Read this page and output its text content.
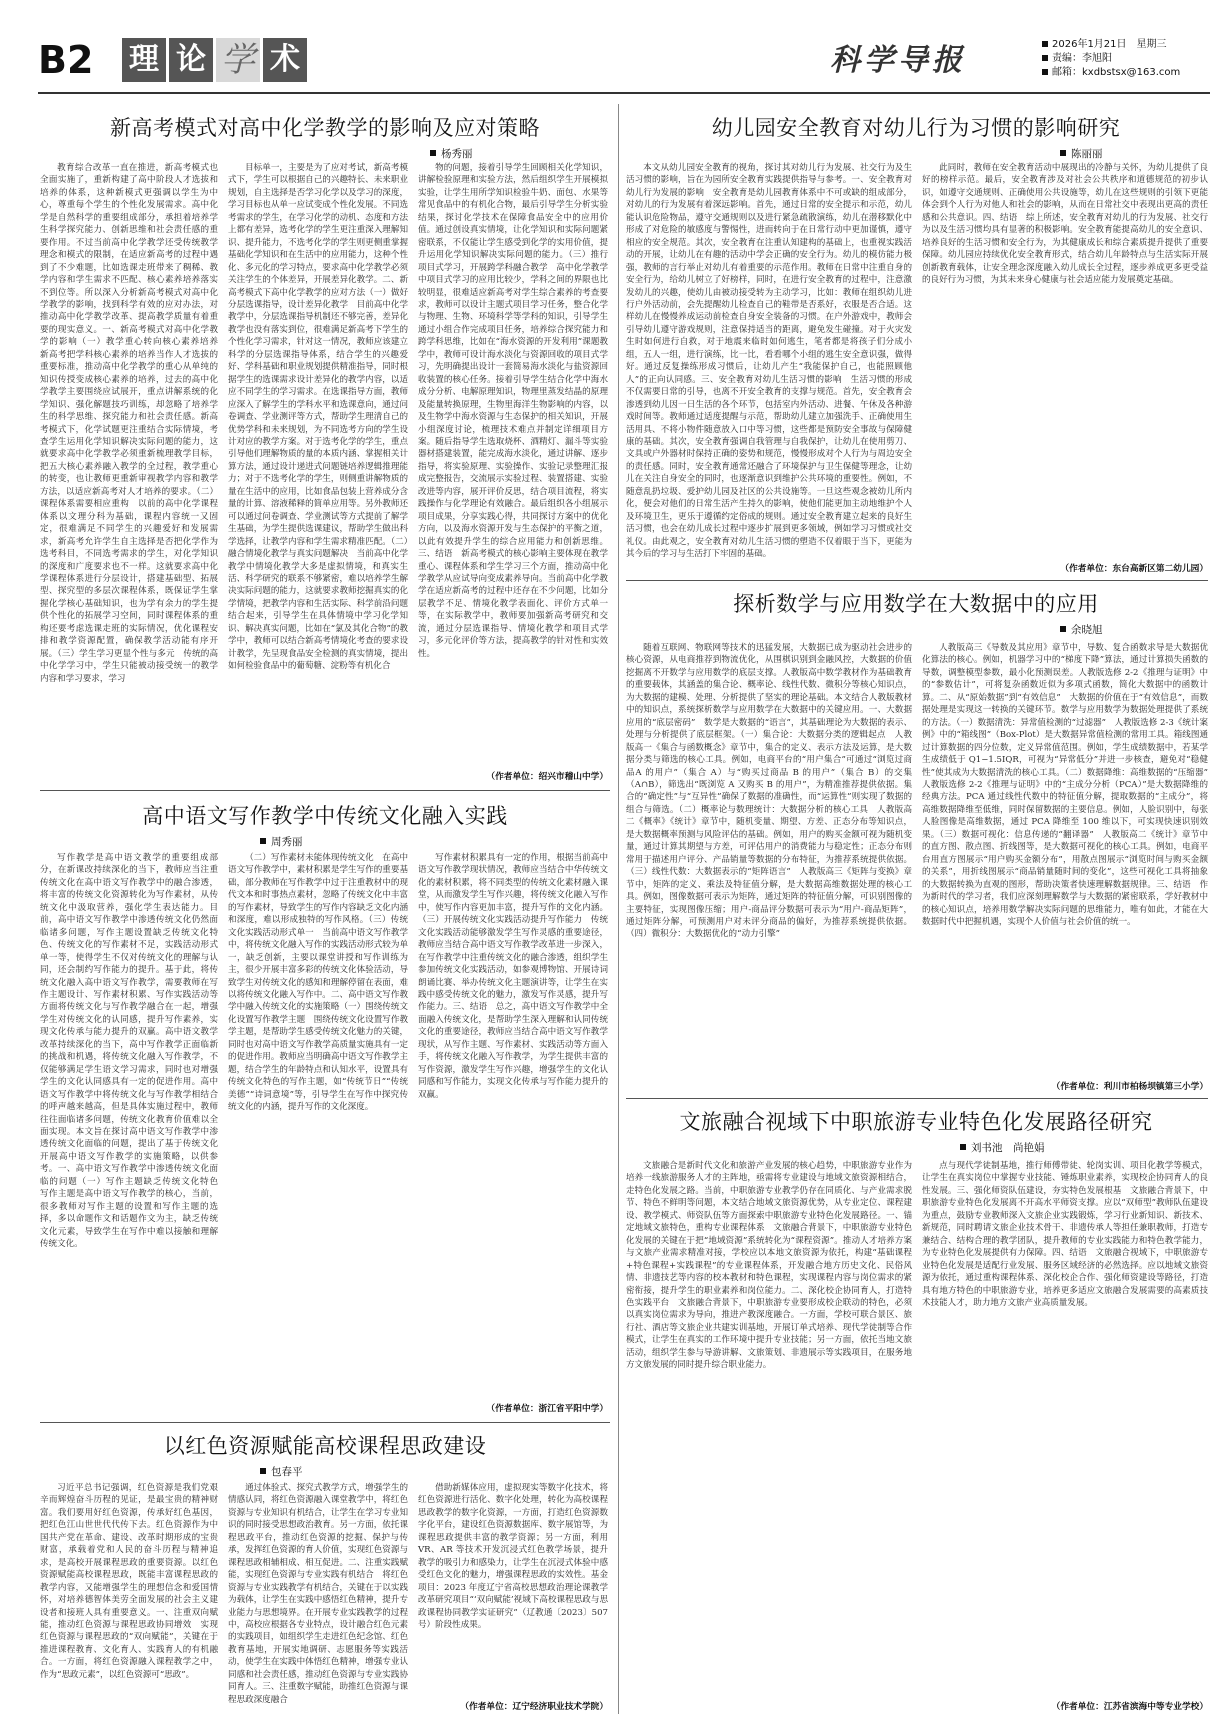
B2	理 论 学 术	科学导报	2026年1月21日　星期三
责编：李旭阳
邮箱：kxdbstsx@163.com
新高考模式对高中化学教学的影响及应对策略
杨秀丽
教育综合改革一直在推进，新高考模式也全面实施了，重新构建了高中阶段人才选拔和培养的体系，这种新模式更强调以学生为中心，尊重每个学生的个性化发展需求。高中化学是自然科学的重要组成部分，承担着培养学生科学探究能力、创新思维和社会责任感的重要作用。不过当前高中化学教学还受传统教学理念和模式的限制，在适应新高考的过程中遇到了不少难题，比如选课走班带来了稠稀、教学内容和学生需求不匹配、核心素养培养落实不到位等。所以深入分析新高考模式对高中化学教学的影响，找到科学有效的应对办法，对推动高中化学教学改革、提高教学质量有着重要的现实意义。一、新高考模式对高中化学教学的影响（一）教学重心转向核心素养培养　新高考把学科核心素养的培养当作人才选拔的重要标准，推动高中化学教学的重心从单纯的知识传授变成核心素养的培养，过去的高中化学教学主要围绕应试展开，重点讲解系统的化学知识、强化解题技巧训练，却忽略了培养学生的科学思维、探究能力和社会责任感。新高考模式下，化学试题更注重结合实际情境，考查学生运用化学知识解决实际问题的能力，这就要求高中化学教学必须重新梳理教学目标，把五大核心素养融入教学的全过程，教学重心的转变，也让教师更重新审视教学内容和教学方法，以适应新高考对人才培养的要求。（二）课程体系需要相应重构　以前的高中化学课程体系以文理分科为基础，课程内容统一又固定，很难满足不同学生的兴趣爱好和发展需求，新高考允许学生自主选择是否把化学作为选考科目，不同选考需求的学生，对化学知识的深度和广度要求也不一样。这就要求高中化学课程体系进行分层设计，搭建基础型、拓展型、探究型的多层次课程体系，既保证学生掌握化学核心基础知识，也为学有余力的学生提供个性化的拓展学习空间，同时课程体系的重构还要考虑选课走班的实际情况，优化课程安排和教学资源配置，确保教学活动能有序开展。（三）学生学习更显个性与多元　传统的高中化学学习中，学生只能被动接受统一的教学内容和学习要求，学习
目标单一，主要是为了应对考试，新高考模式下，学生可以根据自己的兴趣特长、未来职业规划，自主选择是否学习化学以及学习的深度，学习目标也从单一应试变成个性化发展。不同选考需求的学生，在学习化学的动机、态度和方法上都有差异，选考化学的学生更注重深入理解知识、提升能力，不选考化学的学生则更侧重掌握基础化学知识和在生活中的应用能力，这种个性化、多元化的学习特点，要求高中化学教学必须关注学生的个体差异，开展差异化教学。二、新高考模式下高中化学教学的应对方法（一）做好分层选课指导，设计差异化教学　目前高中化学教学中，分层选课指导机制还不够完善，差异化教学也没有落实到位，很难满足新高考下学生的个性化学习需求，针对这一情况，教师应该建立科学的分层选课指导体系，结合学生的兴趣爱好、学科基础和职业规划提供精准指导，同时根据学生的选课需求设计差异化的教学内容，以适应不同学生的学习需求。在选课指导方面，教师应深入了解学生的学科水平和选课意向，通过问卷调查、学业测评等方式，帮助学生理清自己的优势学科和未来规划，为不同选考方向的学生设计对应的教学方案。对于选考化学的学生，重点引导他们理解物质的量的本质内涵、掌握相关计算方法，通过设计递进式问题链培养逻辑推理能力；对于不选考化学的学生，则侧重讲解物质的量在生活中的应用，比如食品包装上营养成分含量的计算、溶液稀释的简单应用等。另外教师还可以通过问卷调查、学业测试等方式提前了解学生基础，为学生提供选课建议，帮助学生做出科学选择，让教学内容和学生需求精准匹配。（二）融合情境化教学与真实问题解决　当前高中化学教学中情境化教学大多是虚拟情境，和真实生活、科学研究的联系不够紧密，难以培养学生解决实际问题的能力，这就要求教师挖掘真实的化学情境，把教学内容和生活实际、科学前沿问题结合起来，引导学生在具体情境中学习化学知识、解决真实问题，比如在“氯及其化合物”的教学中，教师可以结合新高考情境化考查的要求设计教学，先呈现食品安全检测的真实情境，提出如何检验食品中的葡萄糖、淀粉等有机化合
物的问题，接着引导学生回顾相关化学知识，讲解检验原理和实验方法，然后组织学生开展模拟实验，让学生用所学知识检验牛奶、面包、水果等常见食品中的有机化合物，最后引导学生分析实验结果，探讨化学技术在保障食品安全中的应用价值。通过创设真实情境，让化学知识和实际问题紧密联系，不仅能让学生感受到化学的实用价值，提升运用化学知识解决实际问题的能力。（三）推行项目式学习，开展跨学科融合教学　高中化学教学中项目式学习的应用比较少，学科之间的界限也比较明显，很难适应新高考对学生综合素养的考查要求，教师可以设计主题式项目学习任务，整合化学与物理、生物、环境科学等学科的知识，引导学生通过小组合作完成项目任务，培养综合探究能力和跨学科思维，比如在“海水资源的开发利用”课题教学中，教师可设计海水淡化与资源回收的项目式学习，先明确提出设计一套简易海水淡化与盐资源回收装置的核心任务。接着引导学生结合化学中海水成分分析、电解原理知识，物理里蒸发结晶的原理及能量转换原理，生物里海洋生物影响的内容，以及生物学中海水资源与生态保护的相关知识，开展小组深度讨论，梳理技术难点并制定详细项目方案。随后指导学生选取烧杯、酒精灯、漏斗等实验器材搭建装置，能完成海水淡化，通过讲解、逐步指导，将实验原理、实验操作、实验记录整理汇报成完整报告，交流展示实验过程、装置搭建、实验改进等内容，展开评价反思，结合项目流程，将实践操作与化学理论有效融合。最后组织各小组展示项目成果，分享实践心得，共同探讨方案中的优化方向，以及海水资源开发与生态保护的平衡之道，以此有效提升学生的综合应用能力和创新思维。三、结语　新高考模式的核心影响主要体现在教学重心、课程体系和学生学习三个方面，推动高中化学教学从应试导向变成素养导向。当前高中化学教学在适应新高考的过程中还存在不少问题，比如分层教学不足、情境化教学表面化、评价方式单一等，在实际教学中，教师要加强新高考研究和交流，通过分层选课指导、情境化教学和项目式学习，多元化评价等方法，提高教学的针对性和实效性。
（作者单位：绍兴市稽山中学）
幼儿园安全教育对幼儿行为习惯的影响研究
陈丽丽
本文从幼儿园安全教育的视角，探讨其对幼儿行为发展、社交行为及生活习惯的影响，旨在为园所安全教育实践提供指导与参考。一、安全教育对幼儿行为发展的影响　安全教育是幼儿园教育体系中不可或缺的组成部分，对幼儿的行为发展有着深远影响。首先，通过日常的安全提示和示范，幼儿能认识危险物品，遵守交通规则以及进行紧急疏散演练，幼儿在潜移默化中形成了对危险的敏感度与警惕性，进而转向于在日常行动中更加谨慎，遵守相应的安全规范。其次，安全教育在注重认知建构的基础上，也重视实践活动的开展，让幼儿在有趣的活动中学会正确的安全行为。幼儿的模仿能力极强，教师的言行举止对幼儿有着重要的示范作用。教师在日常中注重自身的安全行为，给幼儿树立了好榜样，同时，在进行安全教育的过程中，注意激发幼儿的兴趣，使幼儿由被动接受转为主动学习，比如：教师在组织幼儿进行户外活动前，会先提醒幼儿检查自己的鞋带是否系好，衣服是否合适。这样幼儿在慢慢养成运动前检查自身安全装备的习惯。在户外游戏中，教师会引导幼儿遵守游戏规则，注意保持适当的距离，避免发生碰撞。对于火灾发生时如何进行自救，对于地震来临时如何逃生，笔者都是将孩子们分成小组，五人一组，进行演练，比一比，看看哪个小组的逃生安全意识强，做得好。通过反复操练形成习惯后，让幼儿产生“我能保护自己，也能照顾他人”的正向认同感。三、安全教育对幼儿生活习惯的影响　生活习惯的形成不仅需要日常的引导，也离不开安全教育的支撑与规范。首先，安全教育会渗透到幼儿因一日生活的各个环节，包括室内外活动、进餐、午休及各种游戏时间等。教师通过适度提醒与示范，帮助幼儿建立加强洗手、正确使用生活用具、不将小物件随意放入口中等习惯，这些都是预防安全事故与保障健康的基础。其次，安全教育强调自我管理与自我保护，让幼儿在使用剪刀、文具或户外器材时保持正确的姿势和规范，慢慢形成对个人行为与周边安全的责任感。同时，安全教育通常还融合了环境保护与卫生保健等理念，让幼儿在关注自身安全的同时，也逐渐意识到维护公共环境的重要性。例如，不随意乱扔垃圾、爱护幼儿园及社区的公共设施等。一旦这些观念被幼儿所内化，便会对他们的日常生活产生持久的影响，使他们能更加主动地维护个人及环境卫生，更乐于遵循约定俗成的规则。通过安全教育建立起来的良好生活习惯，也会在幼儿成长过程中逐步扩展到更多领域，例如学习习惯或社交礼仪。由此观之，安全教育对幼儿生活习惯的塑造不仅着眼于当下，更能为其今后的学习与生活打下牢固的基础。
此同时，教师在安全教育活动中展现出的冷静与关怀，为幼儿提供了良好的榜样示范。最后，安全教育涉及对社会公共秩序和道德规范的初步认识，如遵守交通规则、正确使用公共设施等，幼儿在这些规则的引领下更能体会到个人行为对他人和社会的影响，从而在日常社交中表现出更高的责任感和公共意识。四、结语　综上所述，安全教育对幼儿的行为发展、社交行为以及生活习惯均具有显著的积极影响。安全教育能提高幼儿的安全意识、培养良好的生活习惯和安全行为，为其健康成长和综合素质提升提供了重要保障。幼儿园应持续优化安全教育形式，结合幼儿年龄特点与生活实际开展创新教育载体，让安全理念深度融入幼儿成长全过程，逐步养成更多更受益的良好行为习惯，为其未来身心健康与社会适应能力发展奠定基础。
（作者单位：东台高新区第二幼儿园）
探析数学与应用数学在大数据中的应用
余晓旭
随着互联网、物联网等技术的迅猛发展，大数据已成为驱动社会进步的核心资源，从电商推荐到物流优化，从围棋识别到金融风控，大数据的价值挖掘离不开数学与应用数学的底层支撑。人教版高中数学教材作为基础教育的重要载体，其涵盖的集合论、概率论、线性代数、微积分等核心知识点，为大数据的建模、处理、分析提供了坚实的理论基础。本文结合人教版教材中的知识点，系统探析数学与应用数学在大数据中的关键应用。一、大数据应用的“底层密码”　数学是大数据的“语言”，其基础理论为大数据的表示、处理与分析提供了底层框架。（一）集合论：大数据分类的逻辑起点　人教版高一《集合与函数概念》章节中，集合的定义、表示方法及运算，是大数据分类与筛选的核心工具。例如，电商平台的“用户集合”可通过“浏览过商品A 的用户”（集合 A）与“购买过商品 B 的用户”（集合 B）的交集（A∩B），筛选出“既浏览 A 又购买 B 的用户”，为精准推荐提供依据。集合的“确定性”与“互异性”确保了数据的准确性，而“运算性”则实现了数据的组合与筛选。（二）概率论与数理统计：大数据分析的核心工具　人教版高二《概率》《统计》章节中，随机变量、期望、方差、正态分布等知识点，是大数据概率预测与风险评估的基础。例如，用户的购买金额可视为随机变量，通过计算其期望与方差，可评估用户的消费能力与稳定性；正态分布则常用于描述用户评分、产品销量等数据的分布特征，为推荐系统提供依据。（三）线性代数：大数据表示的“矩阵语言”　人教版高三《矩阵与变换》章节中，矩阵的定义、乘法及特征值分解，是大数据高维数据处理的核心工具。例如，图像数据可表示为矩阵，通过矩阵的特征值分解，可识别图像的主要特征，实现图像压缩；用户-商品评分数据可表示为“用户-商品矩阵”，通过矩阵分解，可预测用户对未评分商品的偏好，为推荐系统提供依据。（四）微积分：大数据优化的“动力引擎”
人教版高三《导数及其应用》章节中，导数、复合函数求导是大数据优化算法的核心。例如，机器学习中的“梯度下降”算法，通过计算损失函数的导数，调整模型参数，最小化预测误差。人教版选修 2-2《推理与证明》中的“参数估计”，可将复杂函数近似为多项式函数，简化大数据中的函数计算。二、从“原始数据”到“有效信息”　大数据的价值在于“有效信息”，而数据处理是实现这一转换的关键环节。数学与应用数学为数据处理提供了系统的方法。（一）数据清洗：异常值检测的“过滤器”　人教版选修 2-3《统计案例》中的“箱线图”（Box-Plot）是大数据异常值检测的常用工具。箱线图通过计算数据的四分位数，定义异常值范围。例如，学生成绩数据中，若某学生成绩低于 Q1−1.5IQR，可视为“异常低分”并进一步核查，避免对“稳健性”使其成为大数据清洗的核心工具。（二）数据降维：高维数据的“压缩器”　人教版选修 2-2《推理与证明》中的“主成分分析（PCA）”是大数据降维的经典方法。PCA 通过线性代数中的特征值分解，提取数据的“主成分”，将高维数据降维至低维，同时保留数据的主要信息。例如，人脸识别中，每张人脸图像是高维数据，通过 PCA 降维至 100 维以下，可实现快速识别效果。（三）数据可视化：信息传递的“翻译器”　人教版高二《统计》章节中的直方图、散点图、折线图等，是大数据可视化的核心工具。例如，电商平台用直方图展示“用户购买金额分布”，用散点图展示“浏览时间与购买金额的关系”，用折线图展示“商品销量随时间的变化”，这些可视化工具将抽象的大数据转换为直观的图形，帮助决策者快速理解数据规律。三、结语　作为新时代的学习者，我们应深刻理解数学与大数据的紧密联系，学好教材中的核心知识点，培养用数学解决实际问题的思维能力，唯有如此，才能在大数据时代中把握机遇，实现个人价值与社会价值的统一。
（作者单位：利川市柏杨坝镇第三小学）
高中语文写作教学中传统文化融入实践
周秀丽
写作教学是高中语文教学的重要组成部分，在新课改持续深化的当下，教师应当注重传统文化在高中语文写作教学中的融合渗透，将丰富的传统文化资源转化为写作素材，从传统文化中汲取营养，强化学生表达能力。目前，高中语文写作教学中渗透传统文化仍然面临诸多问题，写作主题设置缺乏传统文化特色、传统文化的写作素材不足，实践活动形式单一等，使得学生不仅对传统文化的理解与认同，还会制约写作能力的提升。基于此，将传统文化融入高中语文写作教学，需要教师在写作主题设计、写作素材积累、写作实践活动等方面将传统文化与写作教学融合在一起，增强学生对传统文化的认同感，提升写作素养，实现文化传承与能力提升的双赢。高中语文教学改革持续深化的当下，高中写作教学正面临新的挑战和机遇，将传统文化融入写作教学，不仅能够满足学生语文学习需求，同时也对增强学生的文化认同感具有一定的促进作用。高中语文写作教学中将传统文化与写作教学相结合的呼声越来越高，但是具体实施过程中，教师往往面临诸多问题，传统文化教育价值难以全面实现。本文旨在探讨高中语文写作教学中渗透传统文化面临的问题，提出了基于传统文化开展高中语文写作教学的实施策略，以供参考。一、高中语文写作教学中渗透传统文化面临的问题（一）写作主题缺乏传统文化特色　写作主题是高中语文写作教学的核心，当前，很多教师对写作主题的设置和写作主题的选择，多以命题作文和话题作文为主，缺乏传统文化元素，导致学生在写作中难以接触和理解传统文化。
（二）写作素材未能体现传统文化　在高中语文写作教学中，素材积累是学生写作的重要基础，部分教师在写作教学中过于注重教材中的现代文本和时事热点素材，忽略了传统文化中丰富的写作素材，导致学生的写作内容缺乏文化内涵和深度，难以形成独特的写作风格。（三）传统文化实践活动形式单一　当前高中语文写作教学中，将传统文化融入写作的实践活动形式较为单一，缺乏创新，主要以课堂讲授和写作训练为主，很少开展丰富多彩的传统文化体验活动，导致学生对传统文化的感知和理解停留在表面，难以将传统文化融入写作中。二、高中语文写作教学中融入传统文化的实施策略（一）围绕传统文化设置写作教学主题　围绕传统文化设置写作教学主题，是帮助学生感受传统文化魅力的关键，同时也对高中语文写作教学高质量实施具有一定的促进作用。教师应当明确高中语文写作教学主题，结合学生的年龄特点和认知水平，设置具有传统文化特色的写作主题，如“传统节日”“传统美德”“诗词意境”等，引导学生在写作中探究传统文化的内涵，提升写作的文化深度。
写作素材积累具有一定的作用，根据当前高中语文写作教学现状情况，教师应当结合中华传统文化的素材积累，将不同类型的传统文化素材融入课堂，从而激发学生写作兴趣，将传统文化融入写作中，使写作内容更加丰富，提升写作的文化内涵。（三）开展传统文化实践活动提升写作能力　传统文化实践活动能够激发学生写作灵感的重要途径，教师应当结合高中语文写作教学改革进一步深入，在写作教学中注重传统文化的融合渗透，组织学生参加传统文化实践活动，如参观博物馆、开展诗词朗诵比赛、举办传统文化主题演讲等，让学生在实践中感受传统文化的魅力，激发写作灵感，提升写作能力。三、结语　总之，高中语文写作教学中全面融入传统文化，是帮助学生深入理解和认同传统文化的重要途径，教师应当结合高中语文写作教学现状，从写作主题、写作素材、实践活动等方面入手，将传统文化融入写作教学，为学生提供丰富的写作资源，激发学生写作兴趣，增强学生的文化认同感和写作能力，实现文化传承与写作能力提升的双赢。
（作者单位：浙江省平阳中学）
以红色资源赋能高校课程思政建设
包春平
习近平总书记强调，红色资源是我们党艰辛而辉煌奋斗历程的见证，是最宝贵的精神财富。我们要用好红色资源，传承好红色基因，把红色江山世世代代传下去。红色资源作为中国共产党在革命、建设、改革时期形成的宝贵财富，承载着党和人民的奋斗历程与精神追求，是高校开展课程思政的重要资源。以红色资源赋能高校课程思政，既能丰富课程思政的教学内容，又能增强学生的理想信念和爱国情怀，对培养德智体美劳全面发展的社会主义建设者和接班人具有重要意义。一、注重双向赋能，推动红色资源与课程思政协同增效　实现红色资源与课程思政的“双向赋能”，关键在于推进课程教育、文化育人、实践育人的有机融合。一方面，将红色资源融入课程教学之中，作为“思政元素”，以红色资源可“思政”。
通过体验式、探究式教学方式，增强学生的情感认同，将红色资源融入课堂教学中，将红色资源与专业知识有机结合，让学生在学习专业知识的同时接受思想政治教育。另一方面，依托课程思政平台，推动红色资源的挖掘、保护与传承，发挥红色资源的育人价值，实现红色资源与课程思政相辅相成、相互促进。二、注重实践赋能，实现红色资源与专业实践有机结合　将红色资源与专业实践教学有机结合，关键在于以实践为载体，让学生在实践中感悟红色精神，提升专业能力与思想境界。在开展专业实践教学的过程中，高校应根据各专业特点，设计融合红色元素的实践项目，如组织学生走进红色纪念馆、红色教育基地，开展实地调研、志愿服务等实践活动，使学生在实践中体悟红色精神，增强专业认同感和社会责任感，推动红色资源与专业实践协同育人。三、注重数字赋能，助推红色资源与课程思政深度融合
借助新媒体应用，虚拟现实等数字化技术，将红色资源进行活化、数字化处理，转化为高校课程思政教学的数字化资源，一方面，打造红色资源数字化平台，建设红色资源数据库、数字展馆等，为课程思政提供丰富的教学资源；另一方面，利用 VR、AR 等技术开发沉浸式红色教学场景，提升教学的吸引力和感染力，让学生在沉浸式体验中感受红色文化的魅力，增强课程思政的实效性。基金项目：2023 年度辽宁省高校思想政治理论课教学改革研究项目“‘双向赋能’视域下高校课程思政与思政课程协同教学实证研究”（辽教通〔2023〕507 号）阶段性成果。
（作者单位：辽宁经济职业技术学院）
文旅融合视域下中职旅游专业特色化发展路径研究
刘书池　尚艳娟
文旅融合是新时代文化和旅游产业发展的核心趋势，中职旅游专业作为培养一线旅游服务人才的主阵地，亟需将专业建设与地域文旅资源相结合，走特色化发展之路。当前，中职旅游专业教学仍存在同质化、与产业需求脱节、特色不鲜明等问题，本文结合地域文旅资源优势，从专业定位、课程建设、教学模式、师资队伍等方面探索中职旅游专业特色化发展路径。一、锚定地域文旅特色，重构专业课程体系　文旅融合背景下，中职旅游专业特色化发展的关键在于把“地域资源”系统转化为“课程资源”。推动人才培养方案与文旅产业需求精准对接，学校应以本地文旅资源为依托，构建“基础课程+特色课程+实践课程”的专业课程体系，开发融合地方历史文化、民俗风情、非遗技艺等内容的校本教材和特色课程，实现课程内容与岗位需求的紧密衔接，提升学生的职业素养和岗位能力。二、深化校企协同育人，打造特色实践平台　文旅融合背景下，中职旅游专业要形成校企联动的特色，必须以真实岗位需求为导向，推进产教深度融合。一方面，学校可联合景区、旅行社、酒店等文旅企业共建实训基地，开展订单式培养、现代学徒制等合作模式，让学生在真实的工作环境中提升专业技能；另一方面，依托当地文旅活动，组织学生参与导游讲解、文旅策划、非遗展示等实践项目，在服务地方文旅发展的同时提升综合职业能力。
点与现代学徒制基地，推行师傅带徒、轮岗实训、项目化教学等模式，让学生在真实岗位中掌握专业技能、锤炼职业素养，实现校企协同育人的良性发展。三、强化师资队伍建设，夯实特色发展根基　文旅融合背景下，中职旅游专业特色化发展离不开高水平师资支撑。应以“双师型”教师队伍建设为重点，鼓励专业教师深入文旅企业实践锻炼，学习行业新知识、新技术、新规范，同时聘请文旅企业技术骨干、非遗传承人等担任兼职教师，打造专兼结合、结构合理的教学团队，提升教师的专业实践能力和特色教学能力，为专业特色化发展提供有力保障。四、结语　文旅融合视域下，中职旅游专业特色化发展是适配行业发展、服务区域经济的必然选择。应以地域文旅资源为依托，通过重构课程体系、深化校企合作、强化师资建设等路径，打造具有地方特色的中职旅游专业，培养更多适应文旅融合发展需要的高素质技术技能人才，助力地方文旅产业高质量发展。
（作者单位：江苏省滨海中等专业学校）
